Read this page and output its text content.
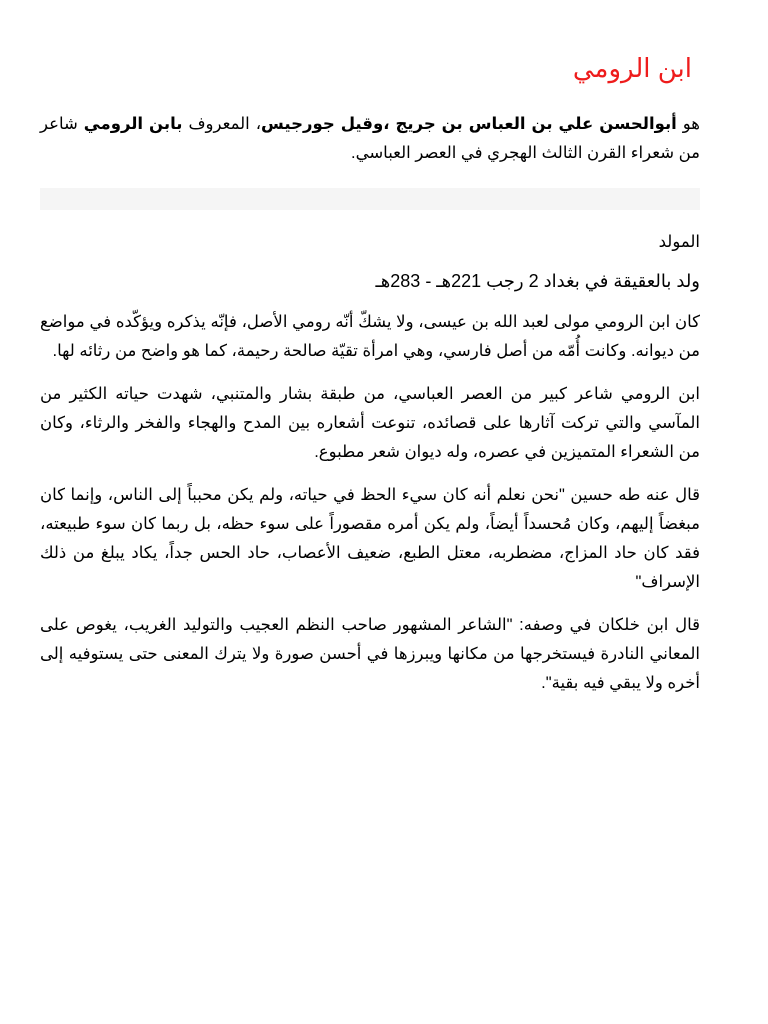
ابن الرومي

هو أبوالحسن علي بن العباس بن جريج ،وقيل جورجيس، المعروف بابن الرومي شاعر من شعراء القرن الثالث الهجري في العصر العباسي.

المولد
ولد بالعقيقة في بغداد 2 رجب 221هـ - 283هـ

كان ابن الرومي مولى لعبد الله بن عيسى، ولا يشكّ أنّه رومي الأصل، فإنّه يذكره ويؤكّده في مواضع من ديوانه. وكانت أُمّه من أصل فارسي، وهي امرأة تقيّة صالحة رحيمة، كما هو واضح من رثائه لها.

ابن الرومي شاعر كبير من العصر العباسي، من طبقة بشار والمتنبي، شهدت حياته الكثير من المآسي والتي تركت آثارها على قصائده، تنوعت أشعاره بين المدح والهجاء والفخر والرثاء، وكان من الشعراء المتميزين في عصره، وله ديوان شعر مطبوع.

قال عنه طه حسين "نحن نعلم أنه كان سيء الحظ في حياته، ولم يكن محبباً إلى الناس، وإنما كان مبغضاً إليهم، وكان مُحسداً أيضاً، ولم يكن أمره مقصوراً على سوء حظه، بل ربما كان سوء طبيعته، فقد كان حاد المزاج، مضطربه، معتل الطبع، ضعيف الأعصاب، حاد الحس جداً، يكاد يبلغ من ذلك الإسراف"

قال ابن خلكان في وصفه: "الشاعر المشهور صاحب النظم العجيب والتوليد الغريب، يغوص على المعاني النادرة فيستخرجها من مكانها ويبرزها في أحسن صورة ولا يترك المعنى حتى يستوفيه إلى أخره ولا يبقي فيه بقية".
